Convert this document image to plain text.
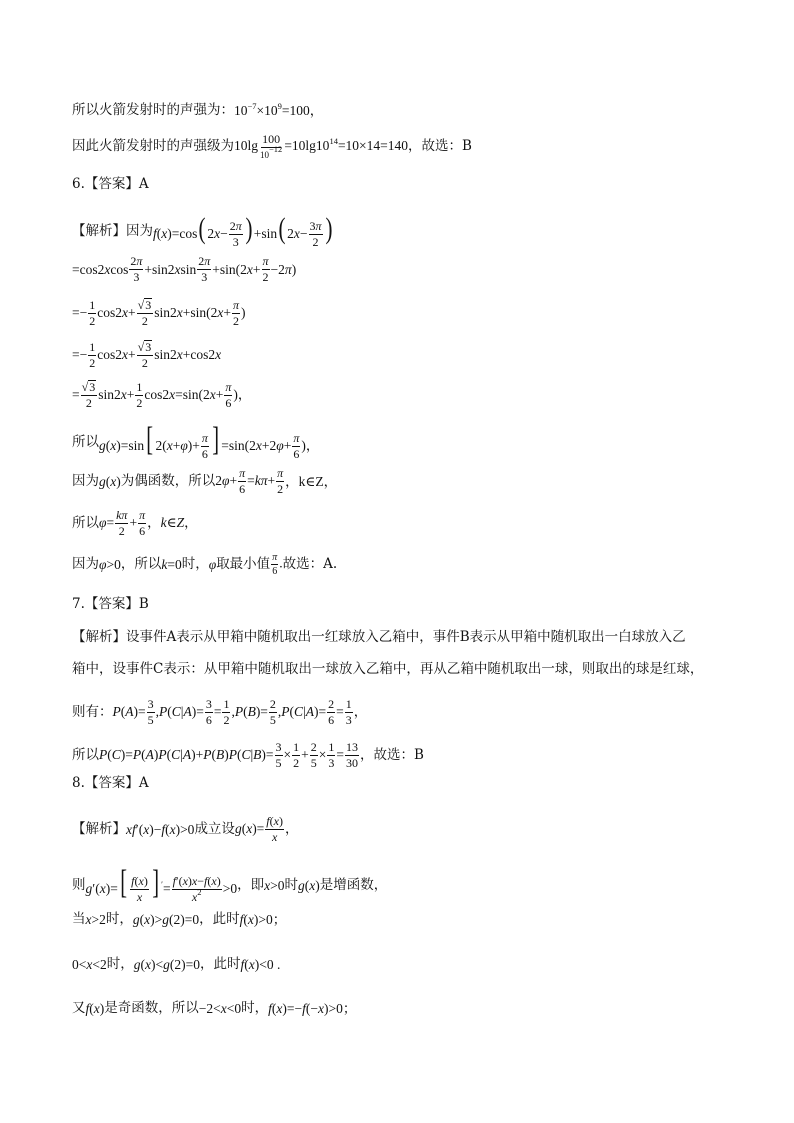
所以火箭发射时的声强为： $10^{-7}\times 10^9=100$，
因此火箭发射时的声强级为 $10\lg \frac{100}{10^{-12}} =10\lg 10^{14}=10\times 14=140$ ，故选：B
6.【答案】A
【解析】因为 f(x)=cos( $2x- \frac{2\pi}{3}$ ) +sin( $2x- \frac{3\pi}{2}$ )
=cos2 x $\cos \frac{2\pi}{3} +\sin 2$ x $\sin \frac{2\pi}{3} +\sin(2$ $x + \frac{\pi}{2} -2$ π )
=− $\frac{1}{2} \cos 2$ $x + \frac{√3}{2} \sin 2$ x +sin(2 $x + \frac{\pi}{2}$ )
=− $\frac{1}{2} \cos 2$ $x + \frac{√3}{2} \sin 2$ x +cos2 x
= $\frac{√3}{2} \sin 2$ $x + \frac{1}{2} \cos 2$ x =sin(2 $x + \frac{\pi}{6}$ ) ，
所以 g(x)=sin[ $2(x+\varphi)+ \frac{\pi}{6}$ ] $=\sin(2x+2\varphi+ \frac{\pi}{6}$ )，
因为 g(x) 为偶函数，所以 $2\varphi+ \frac{\pi}{6} =k\pi+ \frac{\pi}{2}$ ，k∈Z，
所以 $\varphi= \frac{k\pi}{2} + \frac{\pi}{6}$ ，k∈Z，
因为 φ>0 ，所以 k=0 时， φ 取最小值 $\frac{\pi}{6}$ . 故选：A.
7.【答案】B
【解析】设事件A表示从甲箱中随机取出一红球放入乙箱中，事件B表示从甲箱中随机取出一白球放入乙
箱中，设事件C表示：从甲箱中随机取出一球放入乙箱中，再从乙箱中随机取出一球，则取出的球是红球，
则有： $P(A)= \frac{3}{5} ,P(C|A)= \frac{3}{6} = \frac{1}{2} ,P(B)= \frac{2}{5} ,P(C|A)= \frac{2}{6} = \frac{1}{3}$ ，
所以 $P(C)=P(A)P(C|A)+P(B)P(C|B)= \frac{3}{5} \times \frac{1}{2} + \frac{2}{5} \times \frac{1}{3} = \frac{13}{30}$ ，故选：B
8.【答案】A
【解析】 xf′(x)−f(x)>0 成立设 $g(x)= \frac{f(x)}{x}$ ，
则 $g'(x)=[ \frac{f(x)}{x}$ ] $'= \frac{f'(x)x-f(x)}{x^2} >0$ ，即 x>0 时 g(x) 是增函数，
当 x>2 时， g(x)>g(2)=0 ，此时 f(x)>0；
0<x<2 时， g(x)<g(2)=0 ，此时 f(x)<0 .
又 f(x) 是奇函数，所以 −2<x<0 时， f(x)=−f(−x)>0；
